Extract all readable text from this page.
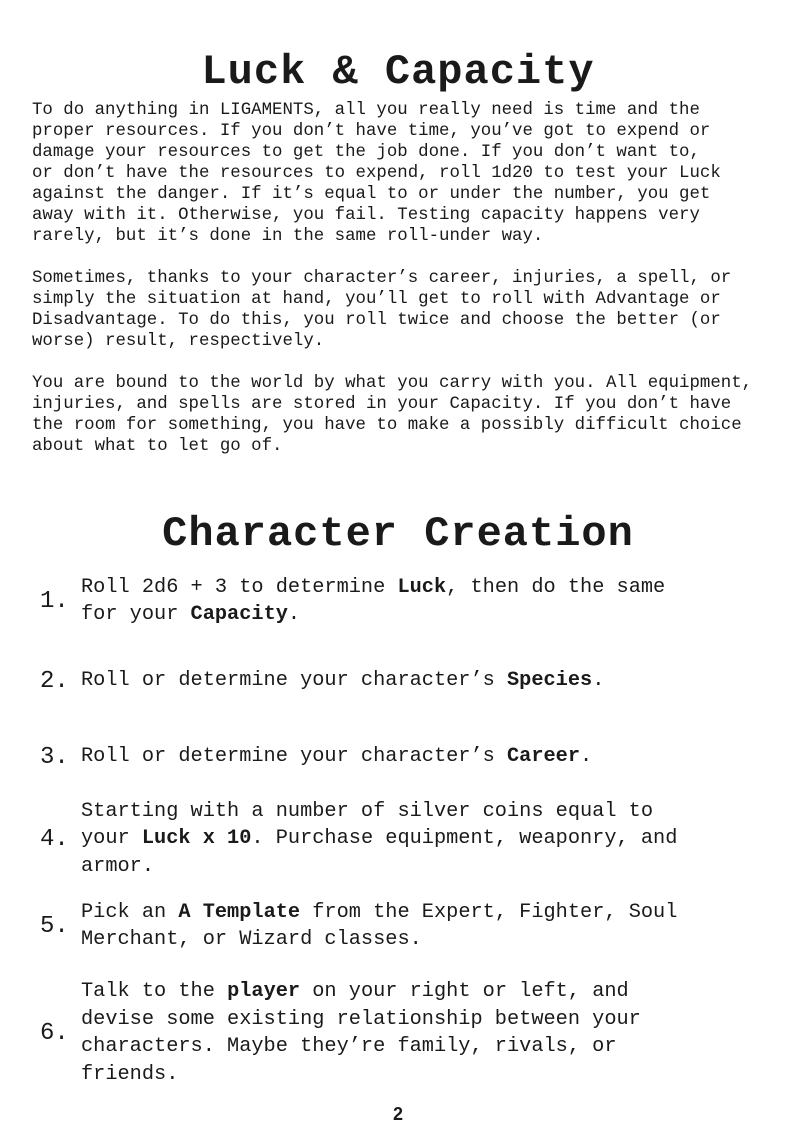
Luck & Capacity

To do anything in LIGAMENTS, all you really need is time and the
proper resources. If you don’t have time, you’ve got to expend or
damage your resources to get the job done. If you don’t want to,
or don’t have the resources to expend, roll 1d20 to test your Luck
against the danger. If it’s equal to or under the number, you get
away with it. Otherwise, you fail. Testing capacity happens very
rarely, but it’s done in the same roll-under way.

Sometimes, thanks to your character’s career, injuries, a spell, or
simply the situation at hand, you’ll get to roll with Advantage or
Disadvantage. To do this, you roll twice and choose the better (or
worse) result, respectively.

You are bound to the world by what you carry with you. All equipment,
injuries, and spells are stored in your Capacity. If you don’t have
the room for something, you have to make a possibly difficult choice
about what to let go of.

Character Creation
1.
Roll 2d6 + 3 to determine Luck, then do the same
for your Capacity.
2. Roll or determine your character’s Species.
3. Roll or determine your character’s Career.
4.
Starting with a number of silver coins equal to
your Luck x 10. Purchase equipment, weaponry, and
armor.
5.
Pick an A Template from the Expert, Fighter, Soul
Merchant, or Wizard classes.
6.
Talk to the player on your right or left, and
devise some existing relationship between your
characters. Maybe they’re family, rivals, or
friends.
2
